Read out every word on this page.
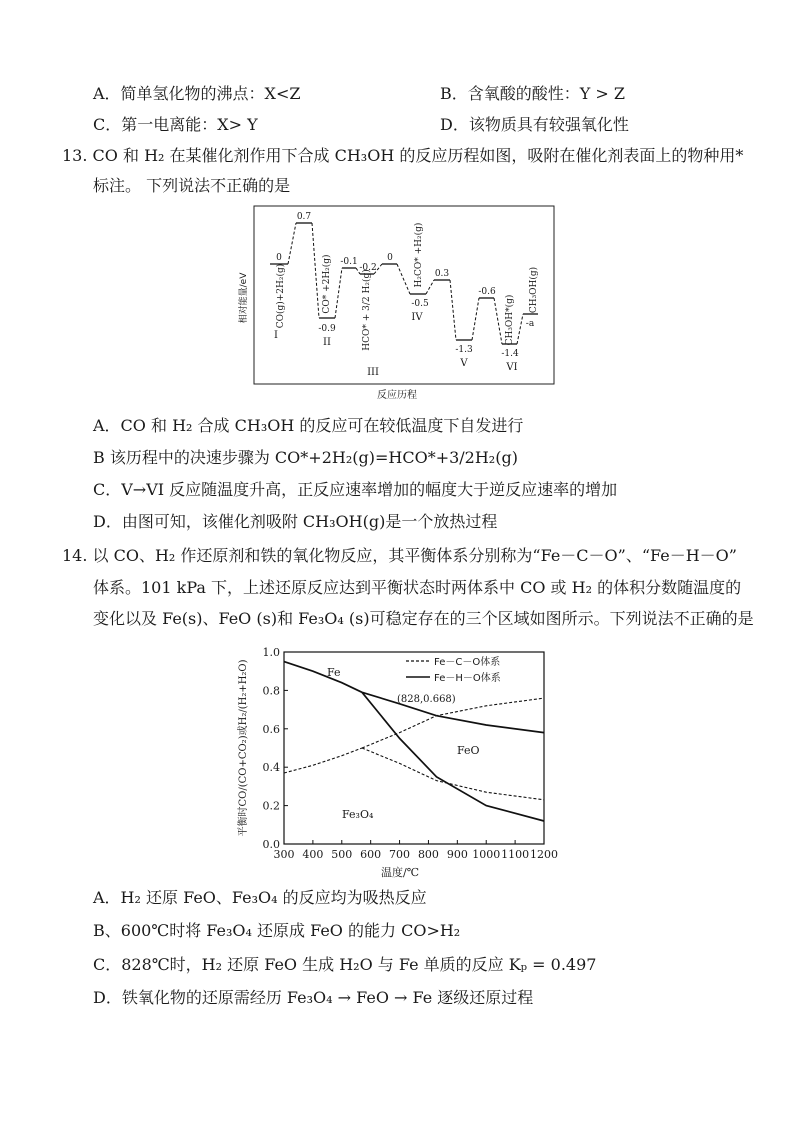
A．简单氢化物的沸点：X<Z	B．含氧酸的酸性：Y > Z
C．第一电离能：X> Y	D．该物质具有较强氧化性
13. CO 和 H₂ 在某催化剂作用下合成 CH₃OH 的反应历程如图，吸附在催化剂表面上的物种用*
标注。 下列说法不正确的是
相对能量/eV
反应历程
0
0.7
-0.9
-0.1
-0.2
0
-0.5
0.3
-1.3
-0.6
-1.4
-a
I
II
III
IV
V	VI
CO(g)+2H₂(g)	CO* +2H₂(g)	HCO* + 3/2 H₂(g)
H₂CO* +H₂(g)
CH₃OH*(g)
CH₃OH(g)
A．CO 和 H₂ 合成 CH₃OH 的反应可在较低温度下自发进行
B 该历程中的决速步骤为 CO*+2H₂(g)=HCO*+3/2H₂(g)
C．V→VI 反应随温度升高，正反应速率增加的幅度大于逆反应速率的增加
D．由图可知，该催化剂吸附 CH₃OH(g)是一个放热过程
14. 以 CO、H₂ 作还原剂和铁的氧化物反应，其平衡体系分别称为“Fe－C－O”、“Fe－H－O”
体系。101 kPa 下，上述还原反应达到平衡状态时两体系中 CO 或 H₂ 的体积分数随温度的
变化以及 Fe(s)、FeO (s)和 Fe₃O₄ (s)可稳定存在的三个区域如图所示。下列说法不正确的是
平衡时CO/(CO+CO₂)或H₂/(H₂+H₂O)
温度/℃
300 400 500 600 700 800 900 1000 1100 1200
0.0
0.2
0.4
0.6
0.8
1.0
Fe－C－O体系
Fe－H－O体系
(828,0.668)
Fe
FeO
Fe₃O₄
A．H₂ 还原 FeO、Fe₃O₄ 的反应均为吸热反应
B、600℃时将 Fe₃O₄ 还原成 FeO 的能力 CO>H₂
C．828℃时，H₂ 还原 FeO 生成 H₂O 与 Fe 单质的反应 Kₚ = 0.497
D．铁氧化物的还原需经历 Fe₃O₄ → FeO → Fe 逐级还原过程
